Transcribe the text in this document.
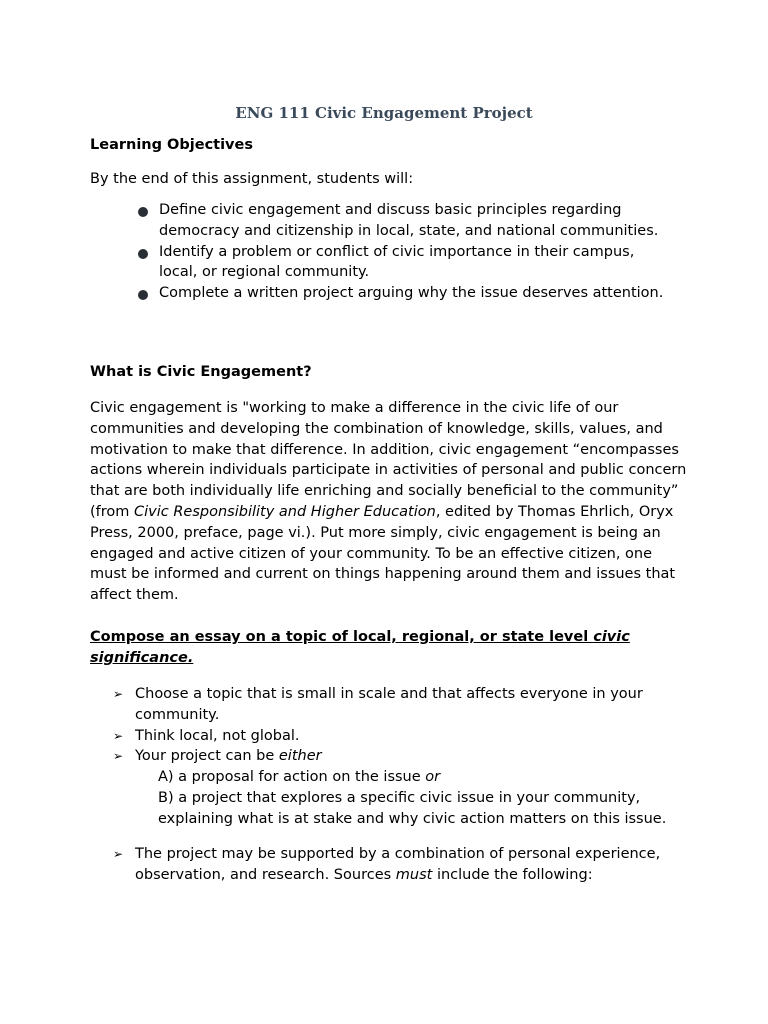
ENG 111 Civic Engagement Project
Learning Objectives
By the end of this assignment, students will:

Define civic engagement and discuss basic principles regarding democracy and citizenship in local, state, and national communities.

Identify a problem or conflict of civic importance in their campus, local, or regional community.

Complete a written project arguing why the issue deserves attention.

What is Civic Engagement?
Civic engagement is "working to make a difference in the civic life of our communities and developing the combination of knowledge, skills, values, and motivation to make that difference. In addition, civic engagement “encompasses actions wherein individuals participate in activities of personal and public concern that are both individually life enriching and socially beneficial to the community” (from Civic Responsibility and Higher Education, edited by Thomas Ehrlich, Oryx Press, 2000, preface, page vi.). Put more simply, civic engagement is being an engaged and active citizen of your community. To be an effective citizen, one must be informed and current on things happening around them and issues that affect them.
Compose an essay on a topic of local, regional, or state level civic significance.

➢ Choose a topic that is small in scale and that affects everyone in your community.

➢ Think local, not global.

➢ Your project can be either

A) a proposal for action on the issue or
B) a project that explores a specific civic issue in your community, explaining what is at stake and why civic action matters on this issue.

➢ The project may be supported by a combination of personal experience, observation, and research. Sources must include the following:
